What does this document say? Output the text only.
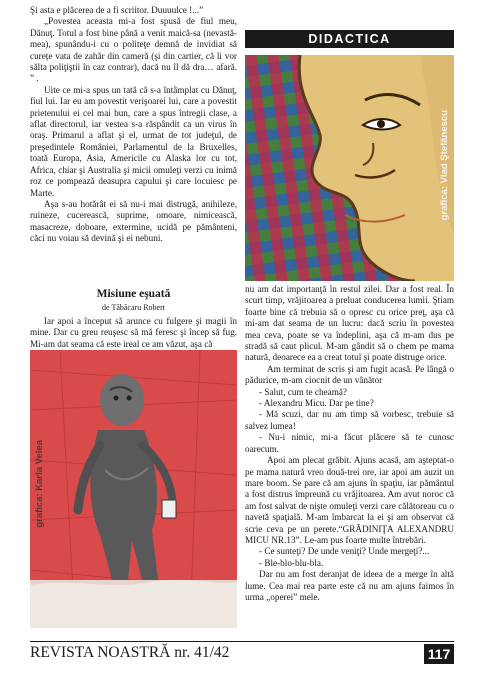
Şi asta e plăcerea de a fi scriitor. Duuuulce !...”

„Povestea aceasta mi-a fost spusă de fiul meu, Dănuţ. Totul a fost bine până a venit maică-sa (nevastă-mea), spunându-i cu o politeţe demnă de invidiat să curețe vata de zahăr din cameră (şi din cartier, că li vor sălta poliţiştii în caz contrar), dacă nu îl dă dra… afară. ” .

Uite ce mi-a spus un tată că s-a întâmplat cu Dănuţ, fiul lui. Iar eu am povestit verişoarei lui, care a povestit prietenului ei cel mai bun, care a spus întregii clase, a aflat directorul, iar vestea s-a răspândit ca un virus în oraş. Primarul a aflat şi el, urmat de tot judeţul, de preşedintele României, Parlamentul de la Bruxelles, toată Europa, Asia, Americile cu Alaska lor cu tot, Africa, chiar şi Australia şi micii omuleţi verzi cu inimă roz ce pompează deasupra capului şi care locuiesc pe Marte.

Aşa s-au hotărât ei să nu-i mai distrugă, anihileze, ruineze, cucerească, suprime, omoare, nimicească, masacreze, doboare, extermine, ucidă pe pământeni, căci nu voiau să devină şi ei nebuni.

DIDACTICA
grafica: Vlad Ştefănescu

Misiune eşuată

de Tăbăcaru Robert

Iar apoi a început să arunce cu fulgere şi magii în mine. Dar cu greu reuşesc să mă feresc şi încep să fug. Mi-am dat seama că este ireal ce am văzut, aşa că

grafica: Karla Velea

nu am dat importanţă în restul zilei. Dar a fost real. În scurt timp, vrăjitoarea a preluat conducerea lumii. Ştiam foarte bine că trebuia să o opresc cu orice preţ, aşa că mi-am dat seama de un lucru: dacă scriu în povestea mea ceva, poate se va îndeplini, aşa că m-am dus pe stradă să caut plicul. M-am gândit să o chem pe mama natură, deoarece ea a creat totul şi poate distruge orice.

Am terminat de scris şi am fugit acasă. Pe lângă o pădurice, m-am ciocnit de un vânător

- Salut, cum te cheamă?

- Alexandru Micu. Dar pe tine?

- Mă scuzi, dar nu am timp să vorbesc, trebuie să salvez lumea!

- Nu-i nimic, mi-a făcut plăcere să te cunosc oarecum.

Apoi am plecat grăbit. Ajuns acasă, am aşteptat-o pe mama natură vreo două-trei ore, iar apoi am auzit un mare boom. Se pare că am ajuns în spaţiu, iar pământul a fost distrus împreună cu vrăjitoarea. Am avut noroc că am fost salvat de nişte omuleţi verzi care călătoreau cu o navetă spaţială. M-am îmbarcat la ei şi am observat că scrie ceva pe un perete.“GRĂDINIŢA ALEXANDRU MICU NR.13”. Le-am pus foarte multe întrebări.

- Ce sunteţi? De unde veniţi? Unde mergeţi?...

- Ble-blo-blu-bla.

Dar nu am fost deranjat de ideea de a merge în altă lume. Cea mai rea parte este că nu am ajuns faimos în urma „operei” mele.

REVISTA NOASTRĂ nr. 41/42	117
